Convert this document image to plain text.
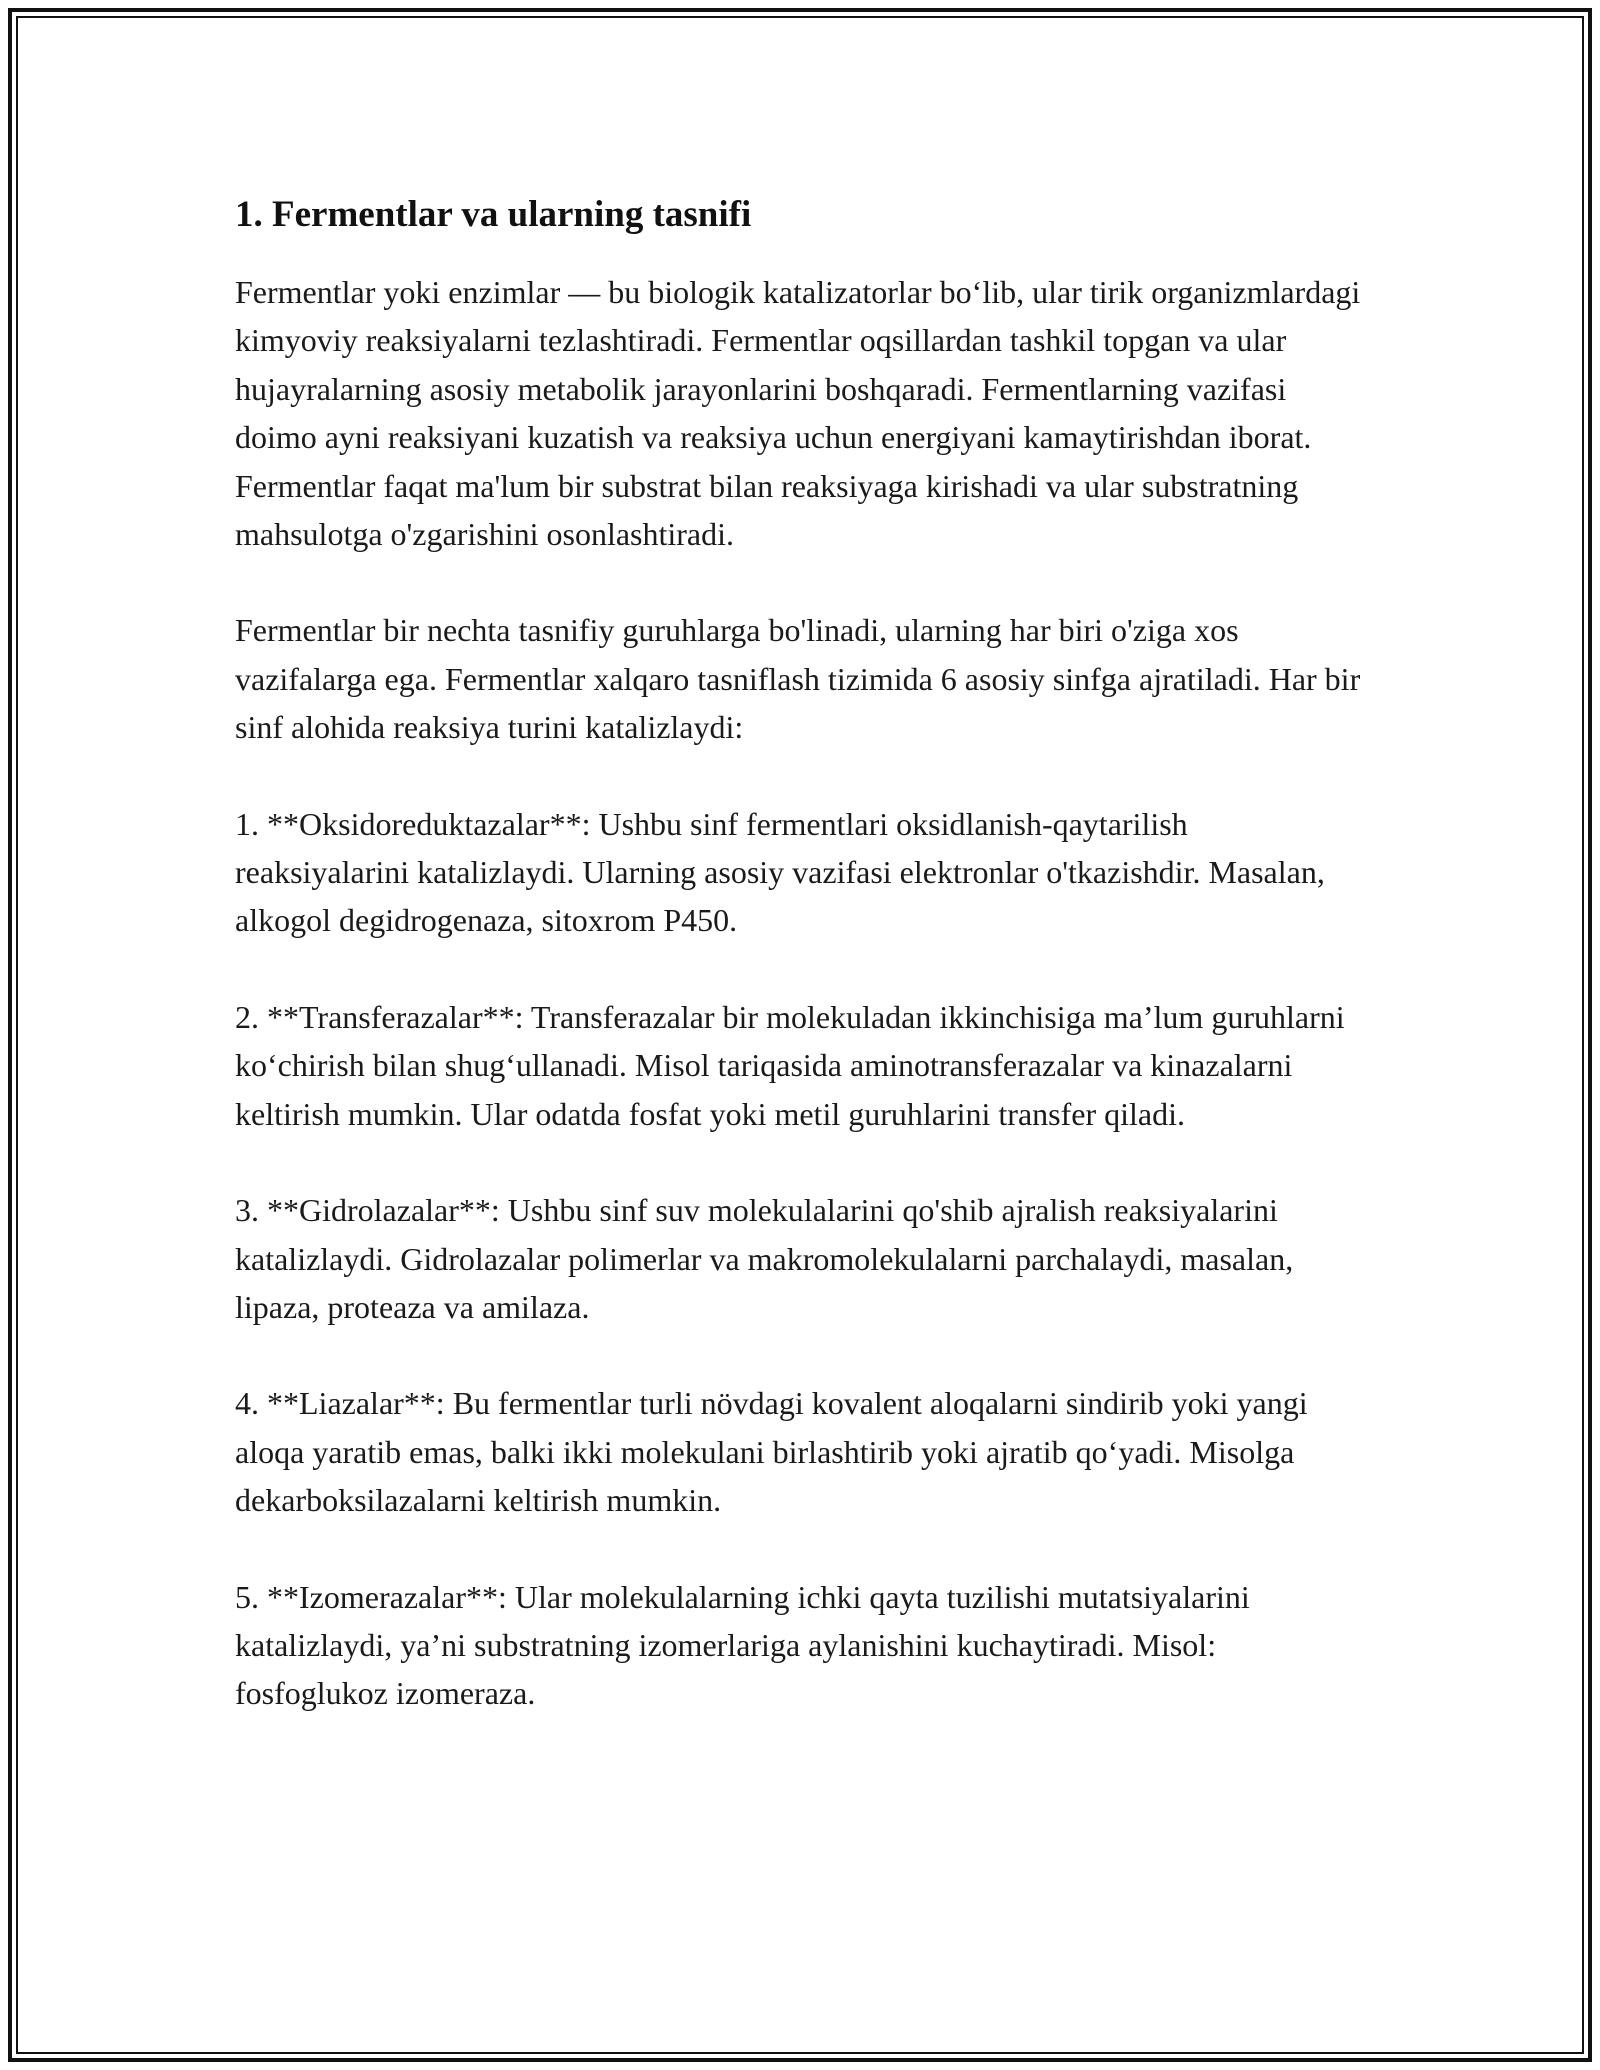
1. Fermentlar va ularning tasnifi

Fermentlar yoki enzimlar — bu biologik katalizatorlar bo‘lib, ular tirik organizmlardagi kimyoviy reaksiyalarni tezlashtiradi. Fermentlar oqsillardan tashkil topgan va ular hujayralarning asosiy metabolik jarayonlarini boshqaradi. Fermentlarning vazifasi doimo ayni reaksiyani kuzatish va reaksiya uchun energiyani kamaytirishdan iborat. Fermentlar faqat ma'lum bir substrat bilan reaksiyaga kirishadi va ular substratning mahsulotga o'zgarishini osonlashtiradi.

Fermentlar bir nechta tasnifiy guruhlarga bo'linadi, ularning har biri o'ziga xos vazifalarga ega. Fermentlar xalqaro tasniflash tizimida 6 asosiy sinfga ajratiladi. Har bir sinf alohida reaksiya turini katalizlaydi:

1. **Oksidoreduktazalar**: Ushbu sinf fermentlari oksidlanish-qaytarilish reaksiyalarini katalizlaydi. Ularning asosiy vazifasi elektronlar o'tkazishdir. Masalan, alkogol degidrogenaza, sitoxrom P450.

2. **Transferazalar**: Transferazalar bir molekuladan ikkinchisiga ma’lum guruhlarni ko‘chirish bilan shug‘ullanadi. Misol tariqasida aminotransferazalar va kinazalarni keltirish mumkin. Ular odatda fosfat yoki metil guruhlarini transfer qiladi.

3. **Gidrolazalar**: Ushbu sinf suv molekulalarini qo'shib ajralish reaksiyalarini katalizlaydi. Gidrolazalar polimerlar va makromolekulalarni parchalaydi, masalan, lipaza, proteaza va amilaza.

4. **Liazalar**: Bu fermentlar turli növdagi kovalent aloqalarni sindirib yoki yangi aloqa yaratib emas, balki ikki molekulani birlashtirib yoki ajratib qo‘yadi. Misolga dekarboksilazalarni keltirish mumkin.

5. **Izomerazalar**: Ular molekulalarning ichki qayta tuzilishi mutatsiyalarini katalizlaydi, ya’ni substratning izomerlariga aylanishini kuchaytiradi. Misol: fosfoglukoz izomeraza.
